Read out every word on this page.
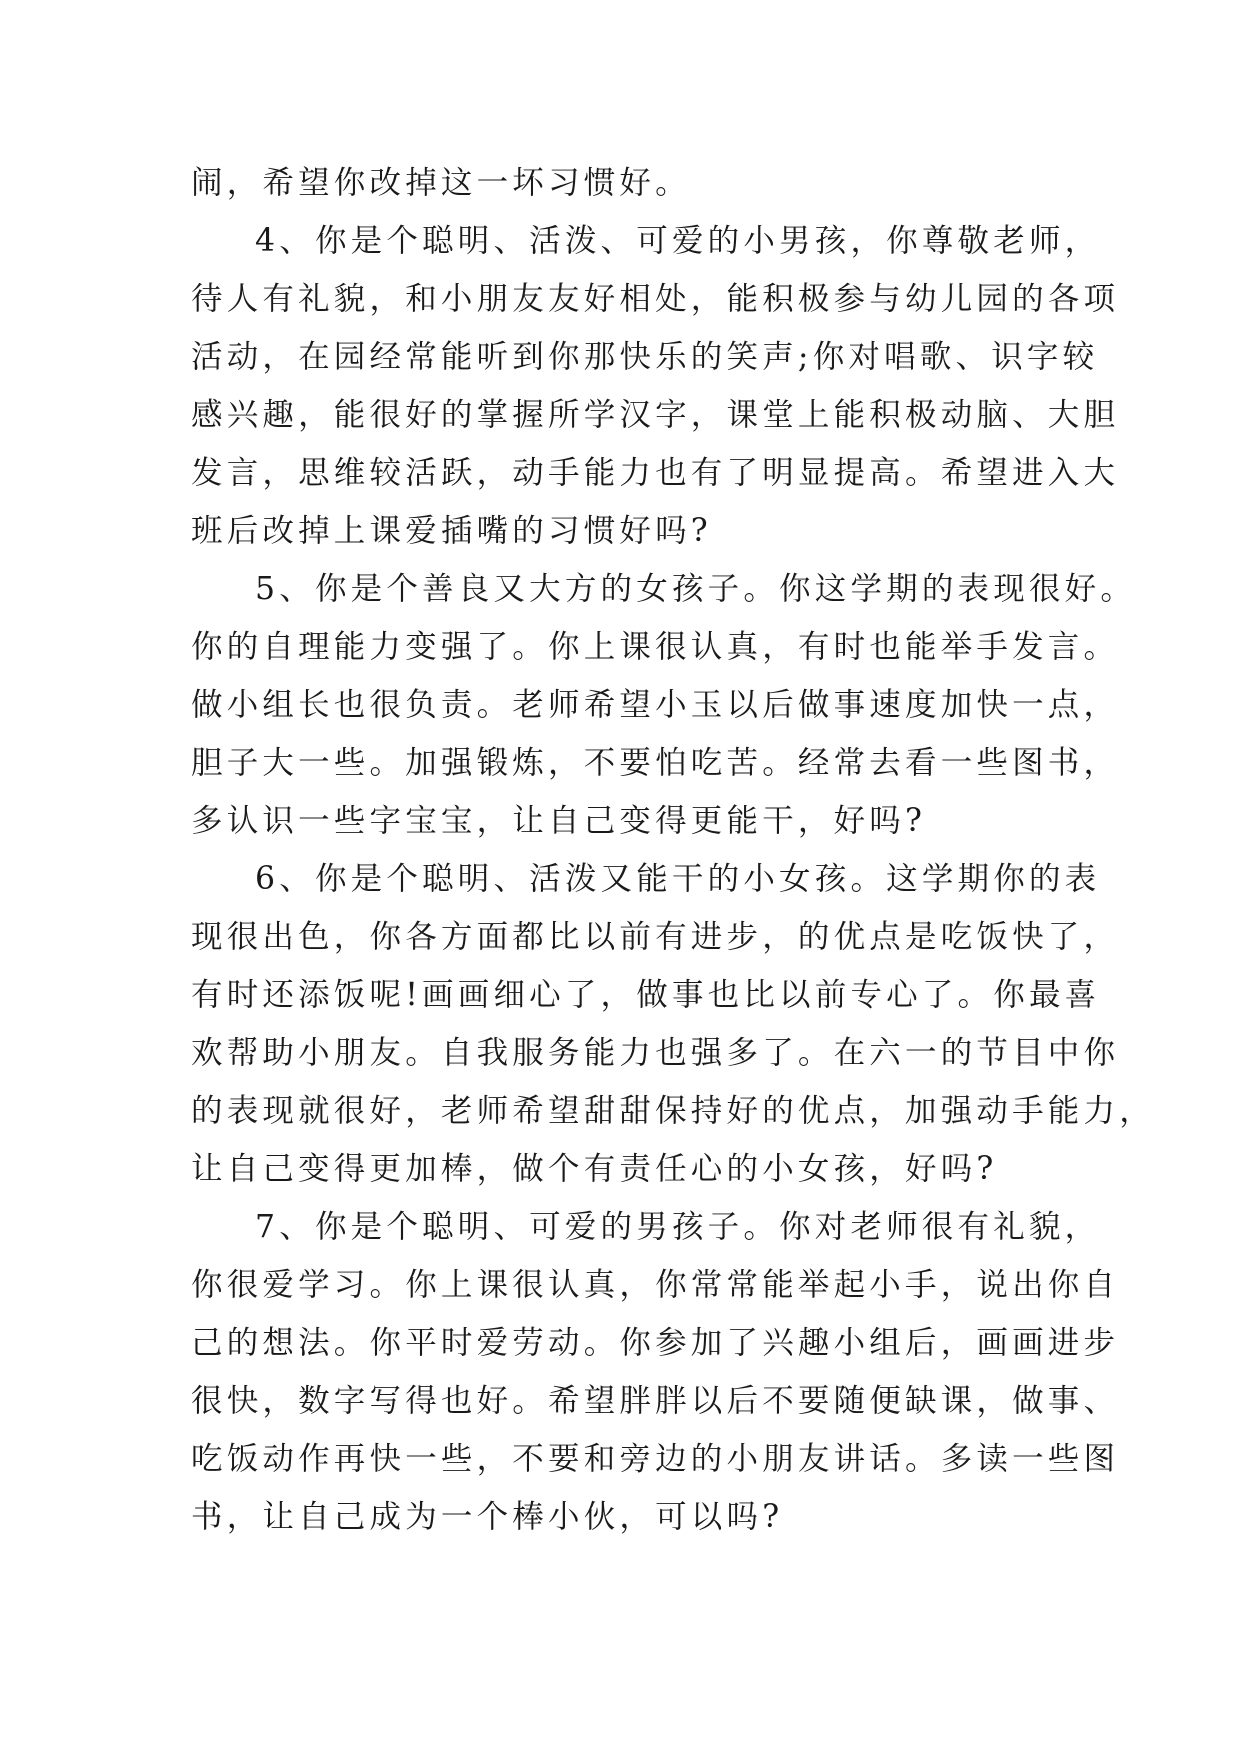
闹，希望你改掉这一坏习惯好。
4、你是个聪明、活泼、可爱的小男孩，你尊敬老师，
待人有礼貌，和小朋友友好相处，能积极参与幼儿园的各项
活动，在园经常能听到你那快乐的笑声;你对唱歌、识字较
感兴趣，能很好的掌握所学汉字，课堂上能积极动脑、大胆
发言，思维较活跃，动手能力也有了明显提高。希望进入大
班后改掉上课爱插嘴的习惯好吗?
5、你是个善良又大方的女孩子。你这学期的表现很好。
你的自理能力变强了。你上课很认真，有时也能举手发言。
做小组长也很负责。老师希望小玉以后做事速度加快一点，
胆子大一些。加强锻炼，不要怕吃苦。经常去看一些图书，
多认识一些字宝宝，让自己变得更能干，好吗?
6、你是个聪明、活泼又能干的小女孩。这学期你的表
现很出色，你各方面都比以前有进步，的优点是吃饭快了，
有时还添饭呢!画画细心了，做事也比以前专心了。你最喜
欢帮助小朋友。自我服务能力也强多了。在六一的节目中你
的表现就很好，老师希望甜甜保持好的优点，加强动手能力，
让自己变得更加棒，做个有责任心的小女孩，好吗?
7、你是个聪明、可爱的男孩子。你对老师很有礼貌，
你很爱学习。你上课很认真，你常常能举起小手，说出你自
己的想法。你平时爱劳动。你参加了兴趣小组后，画画进步
很快，数字写得也好。希望胖胖以后不要随便缺课，做事、
吃饭动作再快一些，不要和旁边的小朋友讲话。多读一些图
书，让自己成为一个棒小伙，可以吗?
